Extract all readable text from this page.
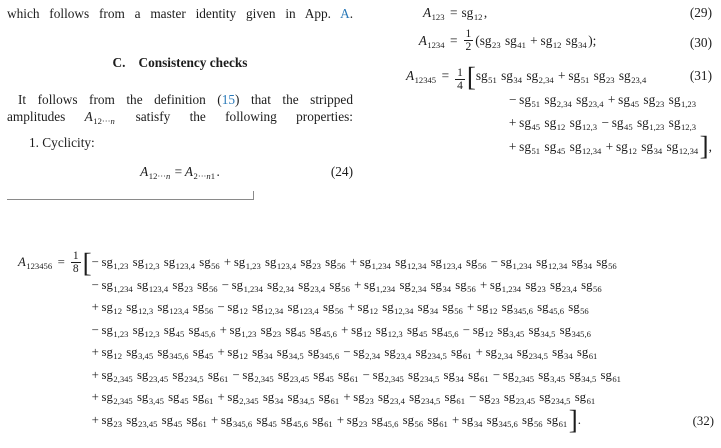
which follows from a master identity given in App. A.
C. Consistency checks
It follows from the definition (15) that the stripped
amplitudes $A_{12\cdot\cdot\cdot n}$ satisfy the following properties:
1. Cyclicity:
$A_{12\cdot\cdot\cdot n} = A_{2\cdot\cdot\cdot n1}$ .	(24)
$A_{123} = sg_{12}$ ,	(29)
$A_{1234} = \frac{1}{2} (sg_{23}$ $sg_{41} + sg_{12}$ $sg_{34}$ );	(30)
$A_{12345} = \frac{1}{4}$ [ $sg_{51}$ $sg_{34}$ $sg_{2,34} + sg_{51}$ $sg_{23}$ $sg_{23,4}$
− $sg_{51}$ $sg_{2,34}$ $sg_{23,4} + sg_{45}$ $sg_{23}$ $sg_{1,23}$
+ $sg_{45}$ $sg_{12}$ $sg_{12,3} - sg_{45}$ $sg_{1,23}$ $sg_{12,3}$
+ $sg_{51}$ $sg_{45}$ $sg_{12,34} + sg_{12}$ $sg_{34}$ $sg_{12,34}$],
(31)
$A_{123456} = \frac{1}{8}$ [ − $sg_{1,23}$ $sg_{12,3}$ $sg_{123,4}$ $sg_{56} + sg_{1,23}$ $sg_{123,4}$ $sg_{23}$ $sg_{56} + sg_{1,234}$ $sg_{12,34}$ $sg_{123,4}$ $sg_{56} - sg_{1,234}$ $sg_{12,34}$ $sg_{34}$ $sg_{56}$
− $sg_{1,234}$ $sg_{123,4}$ $sg_{23}$ $sg_{56} - sg_{1,234}$ $sg_{2,34}$ $sg_{23,4}$ $sg_{56} + sg_{1,234}$ $sg_{2,34}$ $sg_{34}$ $sg_{56} + sg_{1,234}$ $sg_{23}$ $sg_{23,4}$ $sg_{56}$
+ $sg_{12}$ $sg_{12,3}$ $sg_{123,4}$ $sg_{56} - sg_{12}$ $sg_{12,34}$ $sg_{123,4}$ $sg_{56} + sg_{12}$ $sg_{12,34}$ $sg_{34}$ $sg_{56} + sg_{12}$ $sg_{345,6}$ $sg_{45,6}$ $sg_{56}$
− $sg_{1,23}$ $sg_{12,3}$ $sg_{45}$ $sg_{45,6} + sg_{1,23}$ $sg_{23}$ $sg_{45}$ $sg_{45,6} + sg_{12}$ $sg_{12,3}$ $sg_{45}$ $sg_{45,6} - sg_{12}$ $sg_{3,45}$ $sg_{34,5}$ $sg_{345,6}$
+ $sg_{12}$ $sg_{3,45}$ $sg_{345,6}$ $sg_{45} + sg_{12}$ $sg_{34}$ $sg_{34,5}$ $sg_{345,6} - sg_{2,34}$ $sg_{23,4}$ $sg_{234,5}$ $sg_{61} + sg_{2,34}$ $sg_{234,5}$ $sg_{34}$ $sg_{61}$
+ $sg_{2,345}$ $sg_{23,45}$ $sg_{234,5}$ $sg_{61} - sg_{2,345}$ $sg_{23,45}$ $sg_{45}$ $sg_{61} - sg_{2,345}$ $sg_{234,5}$ $sg_{34}$ $sg_{61} - sg_{2,345}$ $sg_{3,45}$ $sg_{34,5}$ $sg_{61}$
+ $sg_{2,345}$ $sg_{3,45}$ $sg_{45}$ $sg_{61} + sg_{2,345}$ $sg_{34}$ $sg_{34,5}$ $sg_{61} + sg_{23}$ $sg_{23,4}$ $sg_{234,5}$ $sg_{61} - sg_{23}$ $sg_{23,45}$ $sg_{234,5}$ $sg_{61}$
+ $sg_{23}$ $sg_{23,45}$ $sg_{45}$ $sg_{61} + sg_{345,6}$ $sg_{45}$ $sg_{45,6}$ $sg_{61} + sg_{23}$ $sg_{45,6}$ $sg_{56}$ $sg_{61} + sg_{34}$ $sg_{345,6}$ $sg_{56}$ $sg_{61}$].	(32)
